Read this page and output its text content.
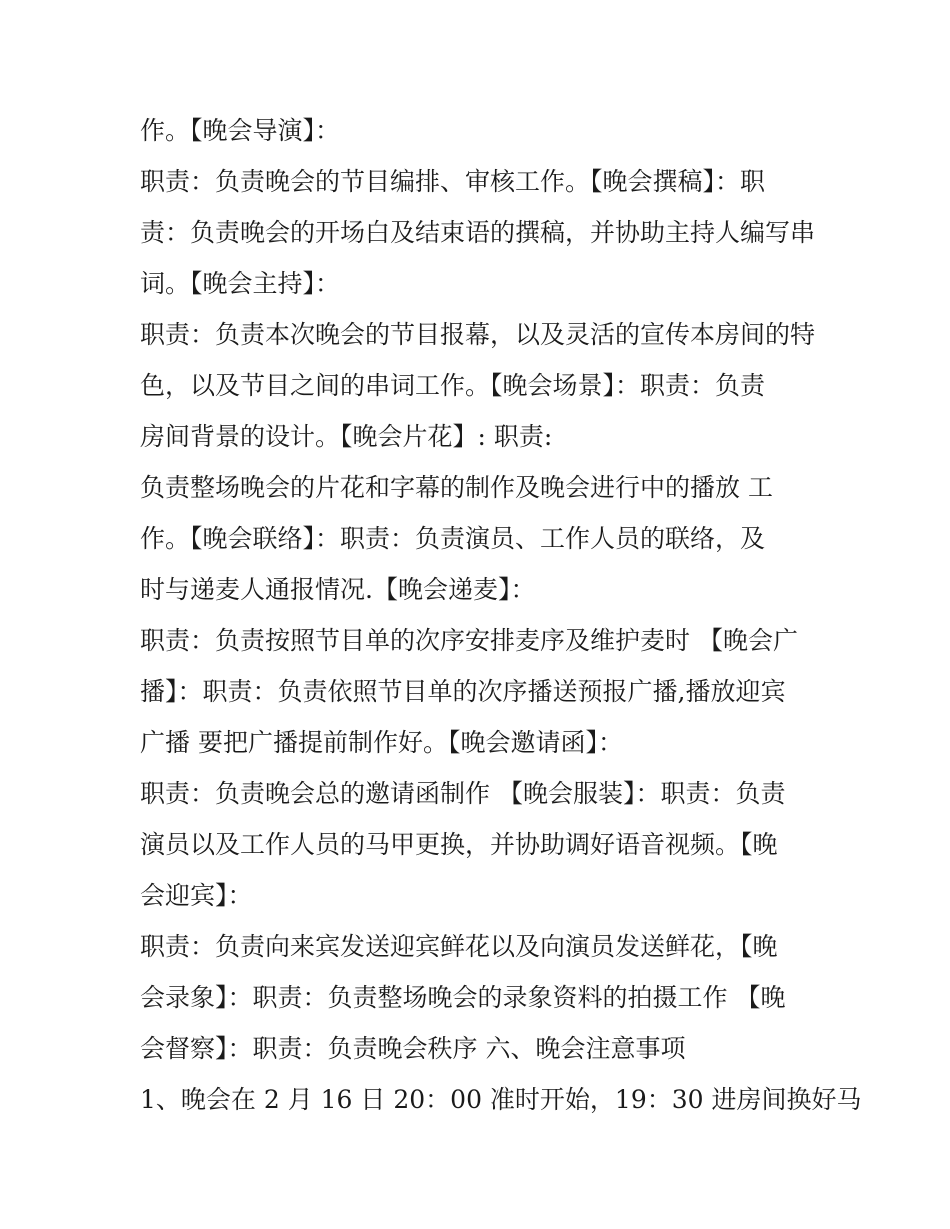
作。【晚会导演】：
职责：负责晚会的节目编排、审核工作。【晚会撰稿】：职
责：负责晚会的开场白及结束语的撰稿，并协助主持人编写串
词。【晚会主持】：
职责：负责本次晚会的节目报幕，以及灵活的宣传本房间的特
色，以及节目之间的串词工作。【晚会场景】：职责：负责
房间背景的设计。【晚会片花】: 职责:
负责整场晚会的片花和字幕的制作及晚会进行中的播放 工
作。【晚会联络】：职责：负责演员、工作人员的联络，及
时与递麦人通报情况.【晚会递麦】：
职责：负责按照节目单的次序安排麦序及维护麦时 【晚会广
播】：职责：负责依照节目单的次序播送预报广播,播放迎宾
广播 要把广播提前制作好。【晚会邀请函】：
职责：负责晚会总的邀请函制作 【晚会服装】：职责：负责
演员以及工作人员的马甲更换，并协助调好语音视频。【晚
会迎宾】：
职责：负责向来宾发送迎宾鲜花以及向演员发送鲜花，【晚
会录象】：职责：负责整场晚会的录象资料的拍摄工作 【晚
会督察】：职责：负责晚会秩序 六、晚会注意事项
1、晚会在 2 月 16 日 20：00 准时开始，19：30 进房间换好马
